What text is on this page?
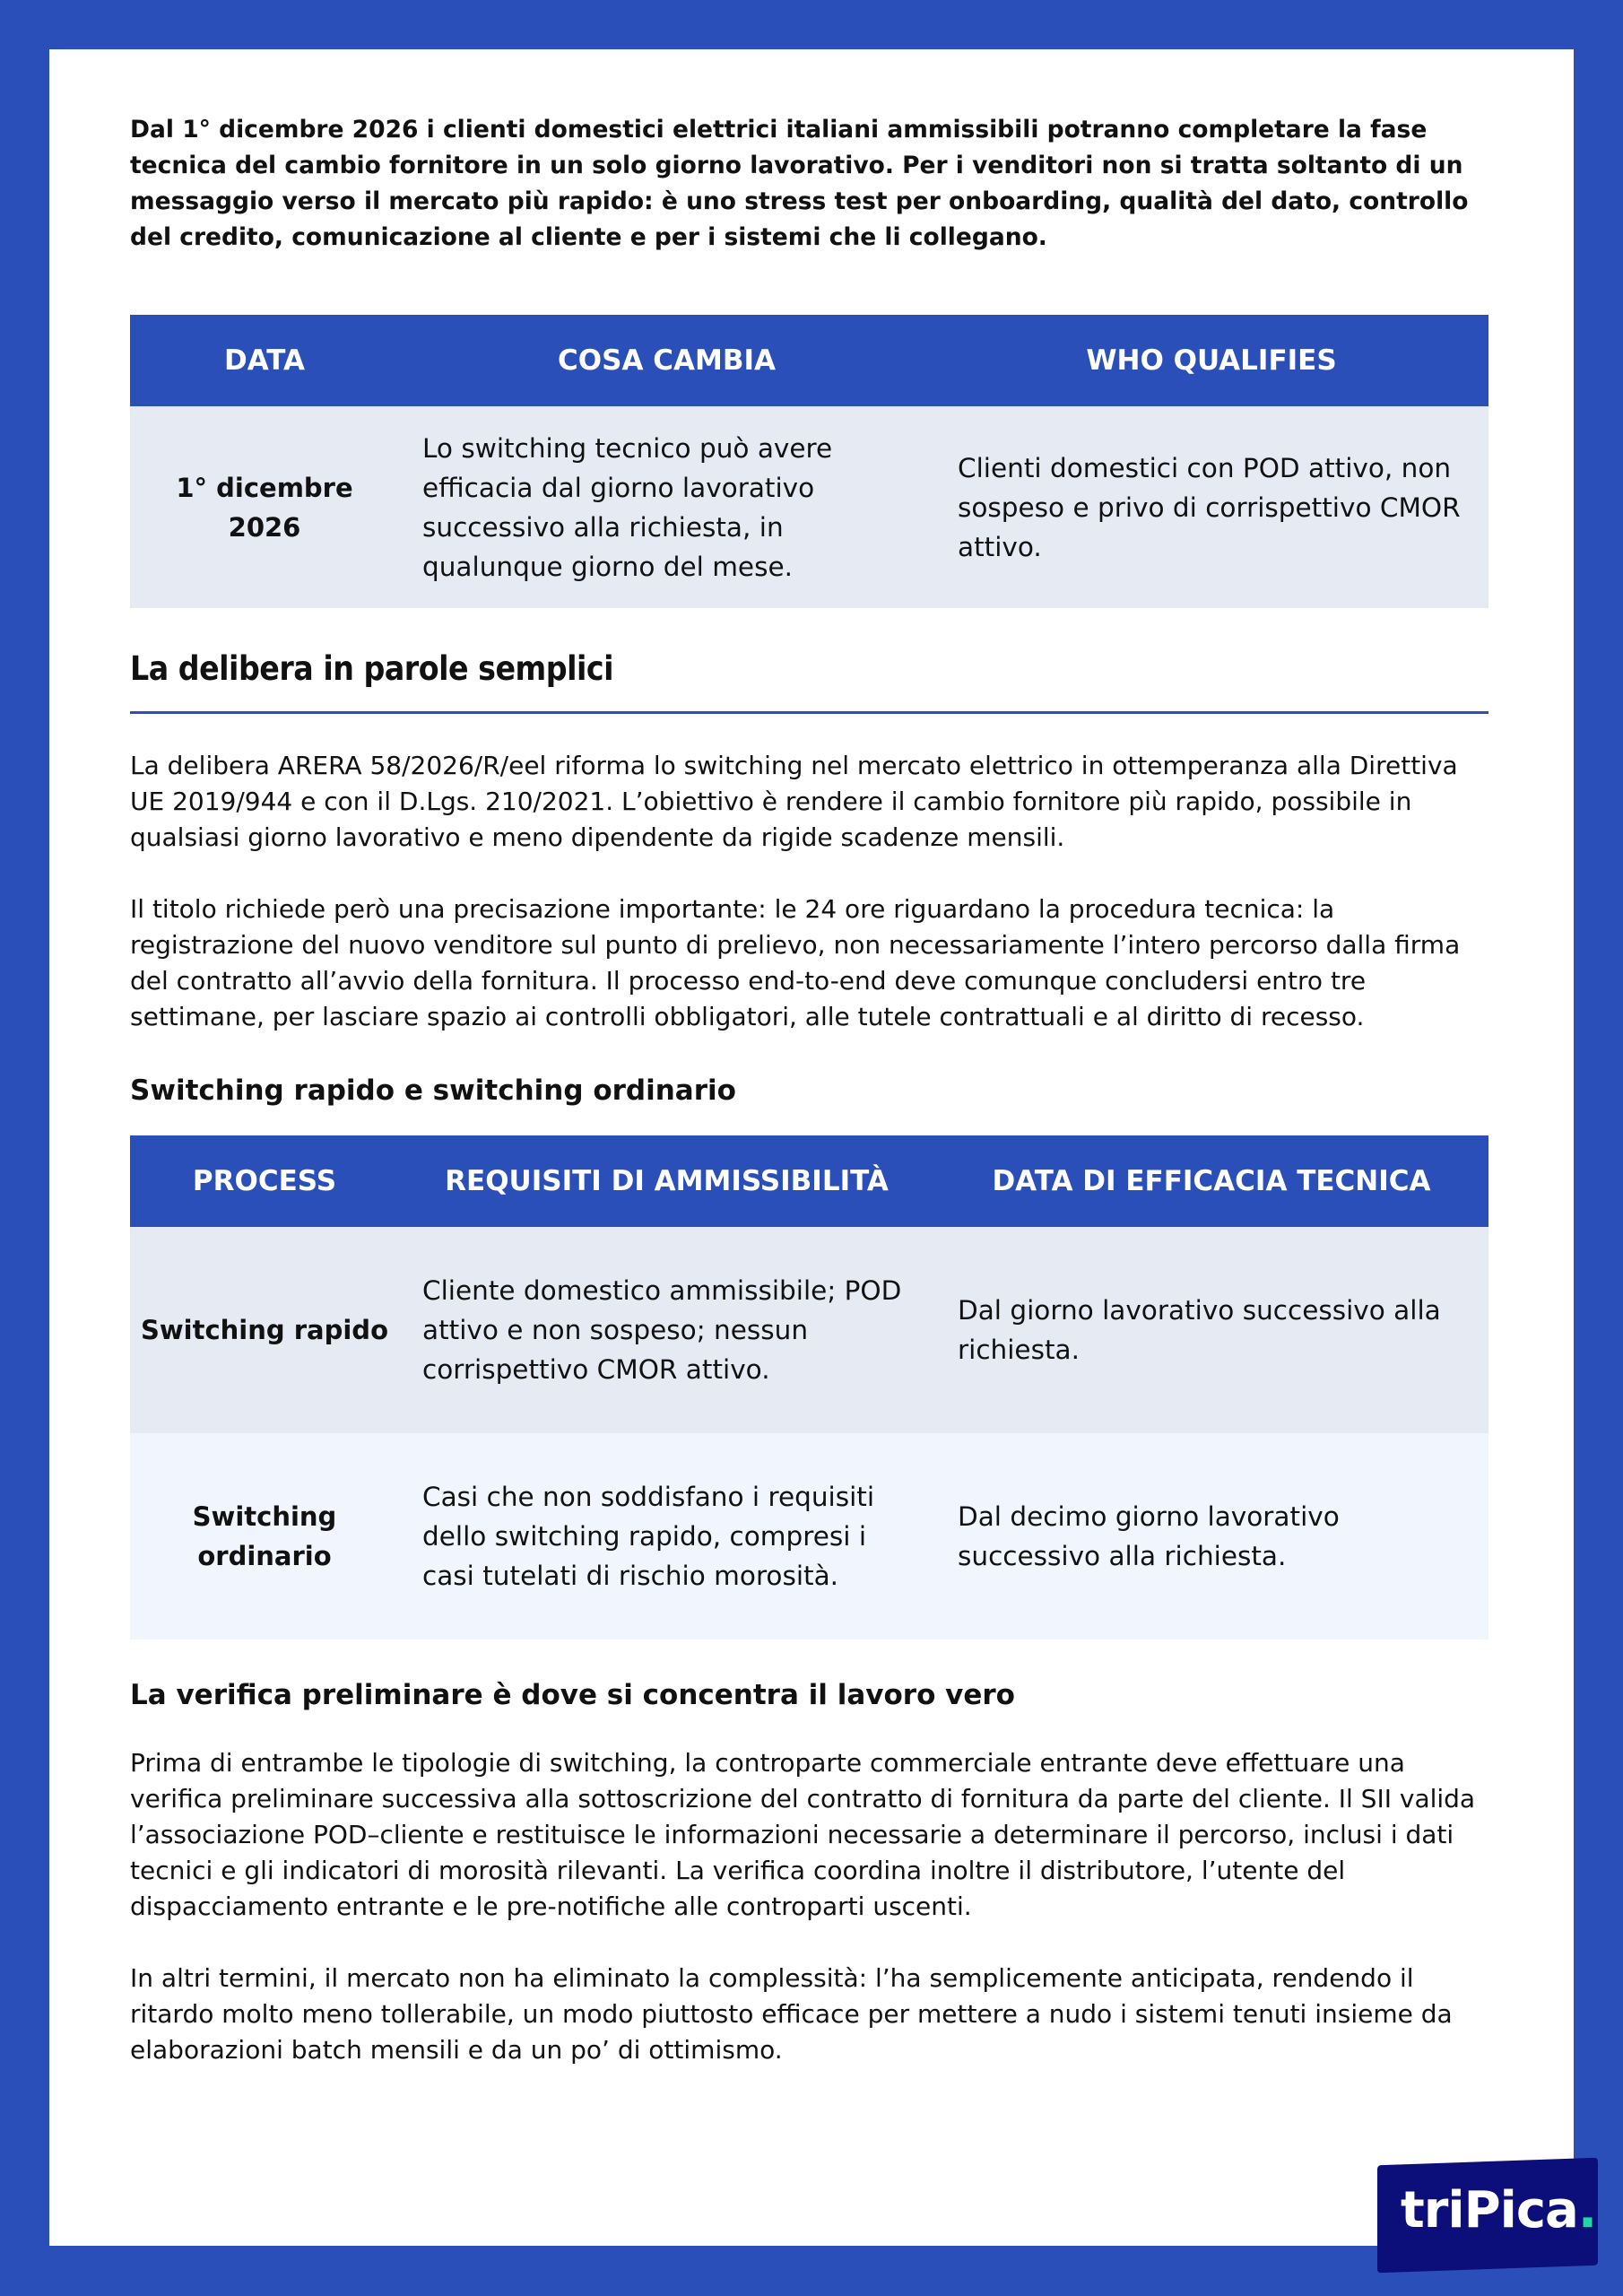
Dal 1° dicembre 2026 i clienti domestici elettrici italiani ammissibili potranno completare la fase tecnica del cambio fornitore in un solo giorno lavorativo. Per i venditori non si tratta soltanto di un messaggio verso il mercato più rapido: è uno stress test per onboarding, qualità del dato, controllo del credito, comunicazione al cliente e per i sistemi che li collegano.

DATA	COSA CAMBIA	WHO QUALIFIES
1° dicembre 2026	Lo switching tecnico può avere efficacia dal giorno lavorativo successivo alla richiesta, in qualunque giorno del mese.	Clienti domestici con POD attivo, non sospeso e privo di corrispettivo CMOR attivo.
La delibera in parole semplici

La delibera ARERA 58/2026/R/eel riforma lo switching nel mercato elettrico in ottemperanza alla Direttiva UE 2019/944 e con il D.Lgs. 210/2021. L’obiettivo è rendere il cambio fornitore più rapido, possibile in qualsiasi giorno lavorativo e meno dipendente da rigide scadenze mensili.

Il titolo richiede però una precisazione importante: le 24 ore riguardano la procedura tecnica: la registrazione del nuovo venditore sul punto di prelievo, non necessariamente l’intero percorso dalla firma del contratto all’avvio della fornitura. Il processo end-to-end deve comunque concludersi entro tre settimane, per lasciare spazio ai controlli obbligatori, alle tutele contrattuali e al diritto di recesso.

Switching rapido e switching ordinario
PROCESS	REQUISITI DI AMMISSIBILITÀ	DATA DI EFFICACIA TECNICA
Switching rapido	Cliente domestico ammissibile; POD attivo e non sospeso; nessun corrispettivo CMOR attivo.	Dal giorno lavorativo successivo alla richiesta.
Switching ordinario	Casi che non soddisfano i requisiti dello switching rapido, compresi i casi tutelati di rischio morosità.	Dal decimo giorno lavorativo successivo alla richiesta.
La verifica preliminare è dove si concentra il lavoro vero

Prima di entrambe le tipologie di switching, la controparte commerciale entrante deve effettuare una verifica preliminare successiva alla sottoscrizione del contratto di fornitura da parte del cliente. Il SII valida l’associazione POD–cliente e restituisce le informazioni necessarie a determinare il percorso, inclusi i dati tecnici e gli indicatori di morosità rilevanti. La verifica coordina inoltre il distributore, l’utente del dispacciamento entrante e le pre-notifiche alle controparti uscenti.

In altri termini, il mercato non ha eliminato la complessità: l’ha semplicemente anticipata, rendendo il ritardo molto meno tollerabile, un modo piuttosto efficace per mettere a nudo i sistemi tenuti insieme da elaborazioni batch mensili e da un po’ di ottimismo.

triPica.
